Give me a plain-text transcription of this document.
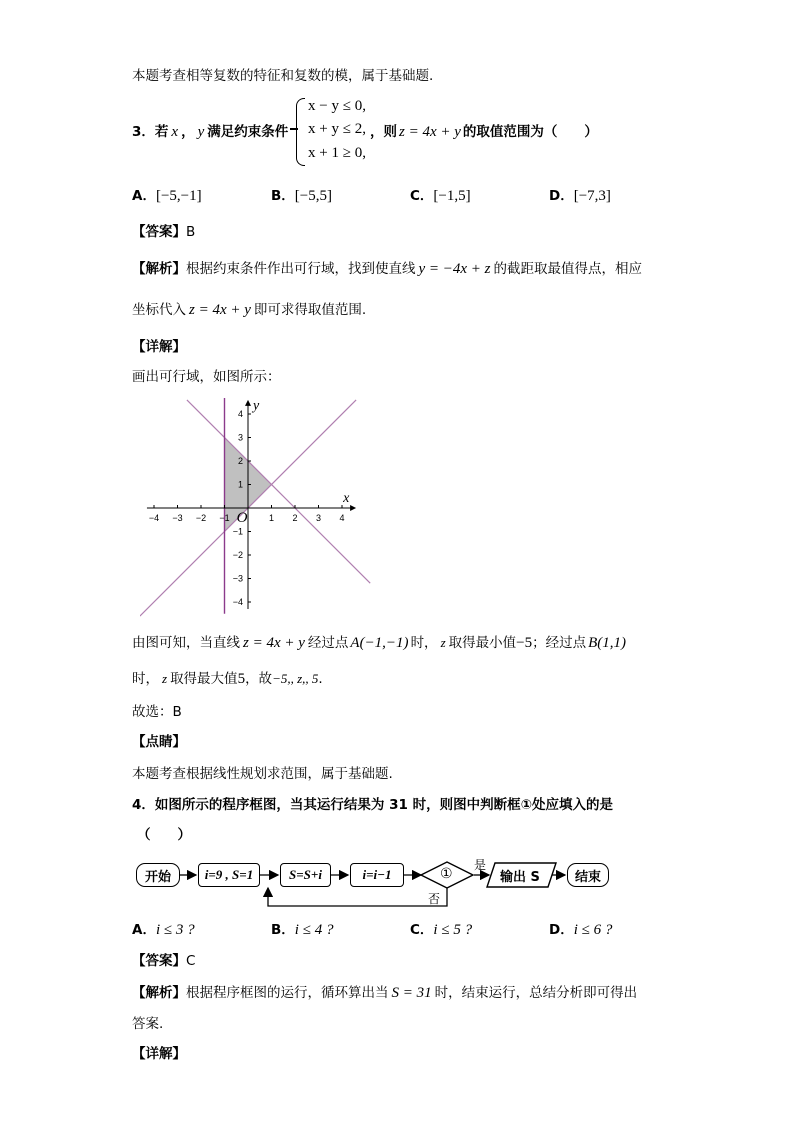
本题考查相等复数的特征和复数的模，属于基础题.
3．若 x ， y 满足约束条件
x − y ≤ 0,
x + y ≤ 2,
x + 1 ≥ 0,
，则 z = 4x + y 的取值范围为（　　）
A．[−5,−1]	B．[−5,5]	C．[−1,5]	D．[−7,3]
【答案】B
【解析】根据约束条件作出可行域，找到使直线 y = −4x + z 的截距取最值得点，相应
坐标代入 z = 4x + y 即可求得取值范围.
【详解】
画出可行域，如图所示：
−4 −3 −2 −1	1 2 3 4
4
3
2
1
−1
−2
−3
−4
x
y
O
由图可知，当直线 z = 4x + y 经过点 A(−1,−1) 时， z 取得最小值−5；经过点 B(1,1)
时， z 取得最大值5，故−5,, z,, 5.
故选：B
【点睛】
本题考查根据线性规划求范围，属于基础题.
4．如图所示的程序框图，当其运行结果为 31 时，则图中判断框①处应填入的是
（　　）
开始	i=9 , S=1	S=S+i	i=i−1	①
是
否
输出 S	结束
A．i ≤ 3 ?	B．i ≤ 4 ?	C．i ≤ 5 ?	D．i ≤ 6 ?
【答案】C
【解析】根据程序框图的运行，循环算出当 S = 31 时，结束运行，总结分析即可得出
答案.
【详解】
